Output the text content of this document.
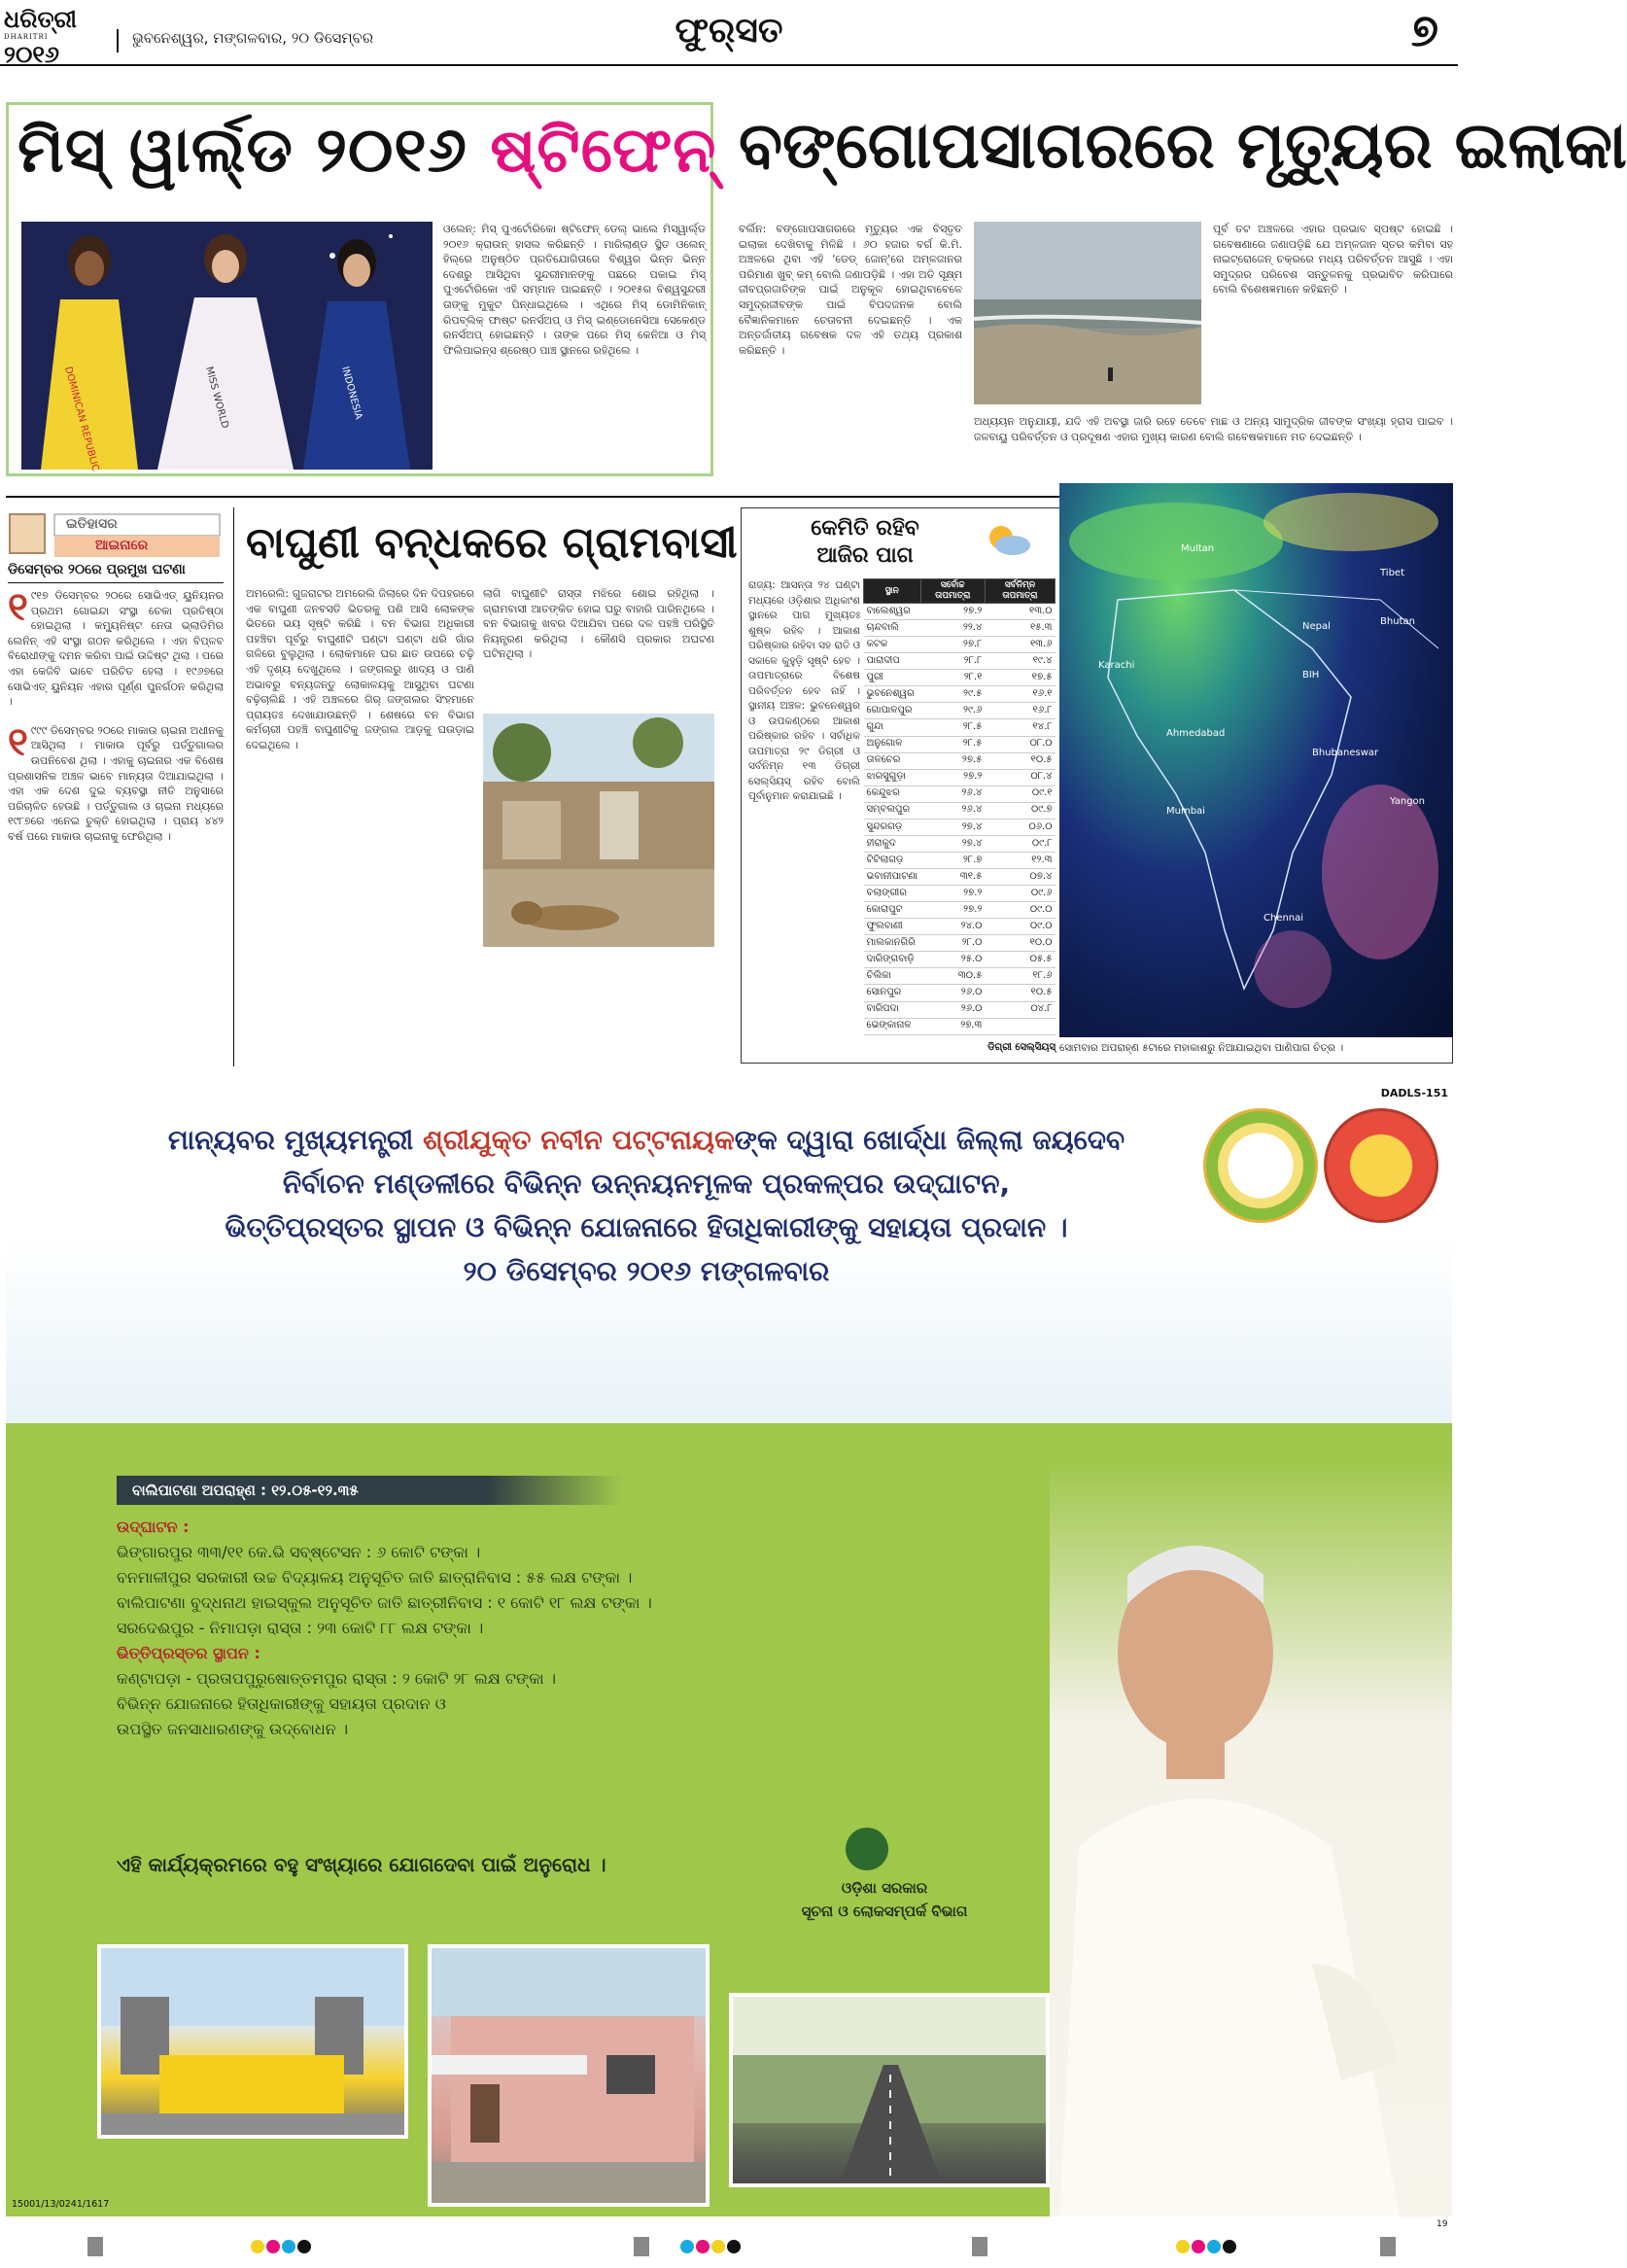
ଧରିତ୍ରୀ
DHARITRI
୨୦୧୬
ଭୁବନେଶ୍ୱର, ମଙ୍ଗଳବାର, ୨୦ ଡିସେମ୍ବର	ଫୁର୍‌ସତ	୭
ମିସ୍ ୱାର୍ଲ୍ଡ ୨୦୧୬ ଷ୍ଟିଫେନ୍
DOMINICAN REPUBLIC	MISS WORLD	INDONESIA
ଓଲେନ୍: ମିସ୍ ପୁଏର୍ଟୋରିକୋ ଷ୍ଟିଫେନ୍ ଡେଲ୍ ଭାଲେ ମିସ୍ୱାର୍ଲ୍ଡ ୨୦୧୬ କ୍ରାଉନ୍ ହାସଲ କରିଛନ୍ତି । ମାରିଲାଣ୍ଡ ସ୍ଥିତ ଓଲେନ୍ ହିଲ୍‌ରେ ଅନୁଷ୍ଠିତ ପ୍ରତିଯୋଗିତାରେ ବିଶ୍ୱର ଭିନ୍ନ ଭିନ୍ନ ଦେଶରୁ ଆସିଥିବା ସୁନ୍ଦରୀମାନଙ୍କୁ ପଛରେ ପକାଇ ମିସ୍ ପୁଏର୍ଟୋରିକୋ ଏହି ସମ୍ମାନ ପାଇଛନ୍ତି । ୨୦୧୫ର ବିଶ୍ୱସୁନ୍ଦରୀ ତାଙ୍କୁ ମୁକୁଟ ପିନ୍ଧାଇଥିଲେ । ଏଥିରେ ମିସ୍ ଡୋମିନିକାନ୍ ରିପବ୍ଲିକ୍ ଫାଷ୍ଟ ରନର୍ସଅପ୍ ଓ ମିସ୍ ଇଣ୍ଡୋନେସିଆ ସେକେଣ୍ଡ ରନର୍ସଅପ୍ ହୋଇଛନ୍ତି । ତାଙ୍କ ପରେ ମିସ୍ କେନିଆ ଓ ମିସ୍ ଫିଲିପାଇନ୍ସ ଶ୍ରେଷ୍ଠ ପାଞ୍ଚ ସ୍ଥାନରେ ରହିଥିଲେ ।
ବଙ୍ଗୋପସାଗରରେ ମୃତ୍ୟୁର ଇଲାକା
ବର୍ଲିନ: ବଙ୍ଗୋପସାଗରରେ ମୃତ୍ୟୁର ଏକ ବିସ୍ତୃତ ଇଲାକା ଦେଖିବାକୁ ମିଳିଛି । ୬୦ ହଜାର ବର୍ଗ କି.ମି. ଅଞ୍ଚଳରେ ଥିବା ଏହି 'ଡେଡ୍ ଜୋନ୍'ରେ ଅମ୍ଳଜାନର ପରିମାଣ ଖୁବ୍ କମ୍ ବୋଲି ଜଣାପଡ଼ିଛି । ଏହା ଅତି ସୂକ୍ଷ୍ମ ଜୀବପ୍ରଜାତିଙ୍କ ପାଇଁ ଅନୁକୂଳ ହୋଇଥିବାବେଳେ ସମୁଦ୍ରଜୀବଙ୍କ ପାଇଁ ବିପଦଜନକ ବୋଲି ବୈଜ୍ଞାନିକମାନେ ଚେତାବନୀ ଦେଇଛନ୍ତି । ଏକ ଅନ୍ତର୍ଜାତୀୟ ଗବେଷକ ଦଳ ଏହି ତଥ୍ୟ ପ୍ରକାଶ କରିଛନ୍ତି ।
ପୂର୍ବ ତଟ ଅଞ୍ଚଳରେ ଏହାର ପ୍ରଭାବ ସ୍ପଷ୍ଟ ହୋଇଛି । ଗବେଷଣାରେ ଜଣାପଡ଼ିଛି ଯେ ଅମ୍ଳଜାନ ସ୍ତର କମିବା ସହ ନାଇଟ୍ରୋଜେନ୍ ଚକ୍ରରେ ମଧ୍ୟ ପରିବର୍ତ୍ତନ ଆସୁଛି । ଏହା ସମୁଦ୍ରର ପରିବେଶ ସନ୍ତୁଳନକୁ ପ୍ରଭାବିତ କରିପାରେ ବୋଲି ବିଶେଷଜ୍ଞମାନେ କହିଛନ୍ତି ।
ଅଧ୍ୟୟନ ଅନୁଯାୟୀ, ଯଦି ଏହି ଅବସ୍ଥା ଜାରି ରହେ ତେବେ ମାଛ ଓ ଅନ୍ୟ ସାମୁଦ୍ରିକ ଜୀବଙ୍କ ସଂଖ୍ୟା ହ୍ରାସ ପାଇବ । ଜଳବାୟୁ ପରିବର୍ତ୍ତନ ଓ ପ୍ରଦୂଷଣ ଏହାର ମୁଖ୍ୟ କାରଣ ବୋଲି ଗବେଷକମାନେ ମତ ଦେଇଛନ୍ତି ।
ଇତିହାସର
ଆଇନାରେ
ଡିସେମ୍ବର ୨୦ରେ ପ୍ରମୁଖ ଘଟଣା

୧ ୯୧୭ ଡିସେମ୍ବର ୨୦ରେ ସୋଭିଏତ୍ ୟୁନିୟନର ପ୍ରଥମ ଗୋଇନ୍ଦା ସଂସ୍ଥା ଚେକା ପ୍ରତିଷ୍ଠା ହୋଇଥିଲା । କମ୍ୟୁନିଷ୍ଟ ନେତା ଭ୍ଲାଡିମିର ଲେନିନ୍ ଏହି ସଂସ୍ଥା ଗଠନ କରିଥିଲେ । ଏହା ବିପ୍ଳବ ବିରୋଧୀଙ୍କୁ ଦମନ କରିବା ପାଇଁ ଉଦ୍ଦିଷ୍ଟ ଥିଲା । ପରେ ଏହା କେଜିବି ଭାବେ ପରିଚିତ ହେଲା । ୧୯୬୭ରେ ସୋଭିଏତ୍ ୟୁନିୟନ ଏହାର ପୂର୍ଣ୍ଣ ପୁନର୍ଗଠନ କରିଥିଲା ।

୧ ୯୯୯ ଡିସେମ୍ବର ୨୦ରେ ମାକାଉ ଚାଇନା ଅଧୀନକୁ ଆସିଥିଲା । ମାକାଉ ପୂର୍ବରୁ ପର୍ତ୍ତୁଗାଲର ଉପନିବେଶ ଥିଲା । ଏହାକୁ ଚାଇନାର ଏକ ବିଶେଷ ପ୍ରଶାସନିକ ଅଞ୍ଚଳ ଭାବେ ମାନ୍ୟତା ଦିଆଯାଇଥିଲା । ଏହା ଏକ ଦେଶ ଦୁଇ ବ୍ୟବସ୍ଥା ନୀତି ଅନୁସାରେ ପରିଚାଳିତ ହେଉଛି । ପର୍ତ୍ତୁଗାଲ ଓ ଚାଇନା ମଧ୍ୟରେ ୧୯୮୭ରେ ଏନେଇ ଚୁକ୍ତି ହୋଇଥିଲା । ପ୍ରାୟ ୪୪୨ ବର୍ଷ ପରେ ମାକାଉ ଚାଇନାକୁ ଫେରିଥିଲା ।

ବାଘୁଣୀ ବନ୍ଧକରେ ଗ୍ରାମବାସୀ
ଅମରେଲି: ଗୁଜରାଟର ଅମରେଲି ଜିଲାରେ ଦିନ ଦିପହରରେ ଏକ ବାଘୁଣୀ ଜନବସତି ଭିତରକୁ ପଶି ଆସି ଲୋକଙ୍କ ଭିତରେ ଭୟ ସୃଷ୍ଟି କରିଛି । ବନ ବିଭାଗ ଅଧିକାରୀ ପହଞ୍ଚିବା ପୂର୍ବରୁ ବାଘୁଣୀଟି ଘଣ୍ଟା ଘଣ୍ଟା ଧରି ଗାଁର ଗଳିରେ ବୁଲୁଥିଲା । ଲୋକମାନେ ଘର ଛାତ ଉପରେ ଚଢ଼ି ଏହି ଦୃଶ୍ୟ ଦେଖୁଥିଲେ । ଜଙ୍ଗଲରୁ ଖାଦ୍ୟ ଓ ପାଣି ଅଭାବରୁ ବନ୍ୟଜନ୍ତୁ ଲୋକାଳୟକୁ ଆସୁଥିବା ଘଟଣା ବଢ଼ିଚାଲିଛି । ଏହି ଅଞ୍ଚଳରେ ଗିର୍ ଜଙ୍ଗଲର ସିଂହମାନେ ପ୍ରାୟତଃ ଦେଖାଯାଉଛନ୍ତି । ଶେଷରେ ବନ ବିଭାଗ କର୍ମଚାରୀ ପହଞ୍ଚି ବାଘୁଣୀଟିକୁ ଜଙ୍ଗଲ ଆଡ଼କୁ ଘଉଡ଼ାଇ ଦେଇଥିଲେ ।
ଲାଗି ବାଘୁଣୀଟି ରାସ୍ତା ମଝିରେ ଶୋଇ ରହିଥିଲା । ଗ୍ରାମବାସୀ ଆତଙ୍କିତ ହୋଇ ଘରୁ ବାହାରି ପାରିନଥିଲେ । ବନ ବିଭାଗକୁ ଖବର ଦିଆଯିବା ପରେ ଦଳ ପହଞ୍ଚି ପରିସ୍ଥିତି ନିୟନ୍ତ୍ରଣ କରିଥିଲା । କୌଣସି ପ୍ରକାର ଅଘଟଣ ଘଟିନଥିଲା ।
କେମିତି ରହିବ
ଆଜିର ପାଗ
ରାଜ୍ୟ: ଆସନ୍ତା ୨୪ ଘଣ୍ଟା ମଧ୍ୟରେ ଓଡ଼ିଶାର ଅଧିକାଂଶ ସ୍ଥାନରେ ପାଗ ମୁଖ୍ୟତଃ ଶୁଷ୍କ ରହିବ । ଆକାଶ ପରିଷ୍କାର ରହିବା ସହ ରାତି ଓ ସକାଳେ କୁହୁଡ଼ି ସୃଷ୍ଟି ହେବ । ତାପମାତ୍ରାରେ ବିଶେଷ ପରିବର୍ତ୍ତନ ହେବ ନାହିଁ । ସ୍ଥାନୀୟ ଅଞ୍ଚଳ: ଭୁବନେଶ୍ୱର ଓ ଉପକଣ୍ଠରେ ଆକାଶ ପରିଷ୍କାର ରହିବ । ସର୍ବାଧିକ ତାପମାତ୍ରା ୨୯ ଡିଗ୍ରୀ ଓ ସର୍ବନିମ୍ନ ୧୩ ଡିଗ୍ରୀ ସେଲ୍‌ସିୟସ୍ ରହିବ ବୋଲି ପୂର୍ବାନୁମାନ କରାଯାଇଛି ।
ସ୍ଥାନ	ସର୍ବୋଚ୍ଚ ତାପମାତ୍ରା	ସର୍ବନିମ୍ନ ତାପମାତ୍ରା
ବାଲେଶ୍ୱର	୨୭.୨	୧୩.୦
ଚାନ୍ଦବାଲି	୨୨.୪	୧୫.୩
କଟକ	୨୭.୮	୧୩.୬
ପାରାଦୀପ	୨୮.୮	୧୯.୪
ପୁରୀ	୨୮.୧	୧୭.୫
ଭୁବନେଶ୍ୱର	୨୯.୫	୧୬.୧
ଗୋପାଳପୁର	୨୯.୬	୧୬.୮
ଗୁନ୍ଦା	୨୮.୫	୧୪.୮
ଅନୁଗୋଳ	୨୮.୫	୦୮.୦
ତାଳଚେର	୨୭.୫	୧୦.୫
ଝାରସୁଗୁଡ଼ା	୨୭.୨	୦୮.୪
କେନ୍ଦୁଝର	୨୬.୪	୦୯.୧
ସମ୍ବଲପୁର	୨୬.୪	୦୯.୭
ସୁନ୍ଦରଗଡ଼	୨୭.୪	୦୬.୦
ହୀରାକୁଦ	୨୭.୪	୦୯.୮
ଟିଟିଲାଗଡ଼	୨୮.୭	୧୨.୩
ଭବାନୀପାଟଣା	୩୧.୫	୦୭.୪
ବଲାଙ୍ଗୀର	୨୭.୨	୦୯.୬
କୋରାପୁଟ	୨୭.୨	୦୯.୦
ଫୁଲବାଣୀ	୨୪.୦	୦୯.୦
ମାଲକାନଗିରି	୨୮.୦	୧୦.୦
ଦାରିଙ୍ଗବାଡ଼ି	୨୫.୦	୦୫.୫
ଚିଲିକା	୩୦.୫	୧୮.୬
ସୋନପୁର	୨୬.୦	୧୦.୫
ବାରିପଦା	୨୬.୦	୦୪.୮
ଭେଙ୍କାନାଳ	୨୭.୩	
ଡିଗ୍ରୀ ସେଲ୍‌ସିୟସ୍
Multan
Tibet
Karachi
Nepal	Bhutan
BIH
Ahmedabad
Mumbai
Chennai
Yangon
Bhubaneswar
ସୋମବାର ଅପରାହ୍ଣ ୫ଟାରେ ମହାକାଶରୁ ନିଆଯାଇଥିବା ପାଣିପାଗ ଚିତ୍ର ।
DADLS-151
ମାନ୍ୟବର ମୁଖ୍ୟମନ୍ତ୍ରୀ ଶ୍ରୀଯୁକ୍ତ ନବୀନ ପଟ୍ଟନାୟକଙ୍କ ଦ୍ୱାରା ଖୋର୍ଦ୍ଧା ଜିଲ୍ଲା ଜୟଦେବ
ନିର୍ବାଚନ ମଣ୍ଡଳୀରେ ବିଭିନ୍ନ ଉନ୍ନୟନମୂଳକ ପ୍ରକଳ୍ପର ଉଦ୍‌ଘାଟନ,
ଭିତ୍ତିପ୍ରସ୍ତର ସ୍ଥାପନ ଓ ବିଭିନ୍ନ ଯୋଜନାରେ ହିତାଧିକାରୀଙ୍କୁ ସହାୟତା ପ୍ରଦାନ ।
୨୦ ଡିସେମ୍ବର ୨୦୧୬ ମଙ୍ଗଳବାର
ବାଲିପାଟଣା ଅପରାହ୍ଣ : ୧୨.୦୫-୧୨.୩୫
ଉଦ୍‌ଘାଟନ :
ଭିଙ୍ଗାରପୁର ୩୩/୧୧ କେ.ଭି ସବ୍‌ଷ୍ଟେସନ : ୬ କୋଟି ଟଙ୍କା ।
ବନମାଳୀପୁର ସରକାରୀ ଉଚ୍ଚ ବିଦ୍ୟାଳୟ ଅନୁସୂଚିତ ଜାତି ଛାତ୍ରାନିବାସ : ୫୫ ଲକ୍ଷ ଟଙ୍କା ।
ବାଲିପାଟଣା ବୁଦ୍ଧନାଥ ହାଇସ୍କୁଲ ଅନୁସୂଚିତ ଜାତି ଛାତ୍ରୀନିବାସ : ୧ କୋଟି ୧୮ ଲକ୍ଷ ଟଙ୍କା ।
ସରଦେଈପୁର - ନିମାପଡ଼ା ରାସ୍ତା : ୨୩ କୋଟି ୮୮ ଲକ୍ଷ ଟଙ୍କା ।
ଭିତ୍ତିପ୍ରସ୍ତର ସ୍ଥାପନ :
କଣ୍ଟାପଡ଼ା - ପ୍ରତାପପୁରୁଷୋତ୍ତମପୁର ରାସ୍ତା : ୨ କୋଟି ୨୮ ଲକ୍ଷ ଟଙ୍କା ।
ବିଭିନ୍ନ ଯୋଜନାରେ ହିତାଧିକାରୀଙ୍କୁ ସହାୟତା ପ୍ରଦାନ ଓ
ଉପସ୍ଥିତ ଜନସାଧାରଣଙ୍କୁ ଉଦ୍‌ବୋଧନ ।
ଏହି କାର୍ଯ୍ୟକ୍ରମରେ ବହୁ ସଂଖ୍ୟାରେ ଯୋଗଦେବା ପାଇଁ ଅନୁରୋଧ ।
ଓଡ଼ିଶା ସରକାର
ସୂଚନା ଓ ଲୋକସମ୍ପର୍କ ବିଭାଗ
15001/13/0241/1617
19
